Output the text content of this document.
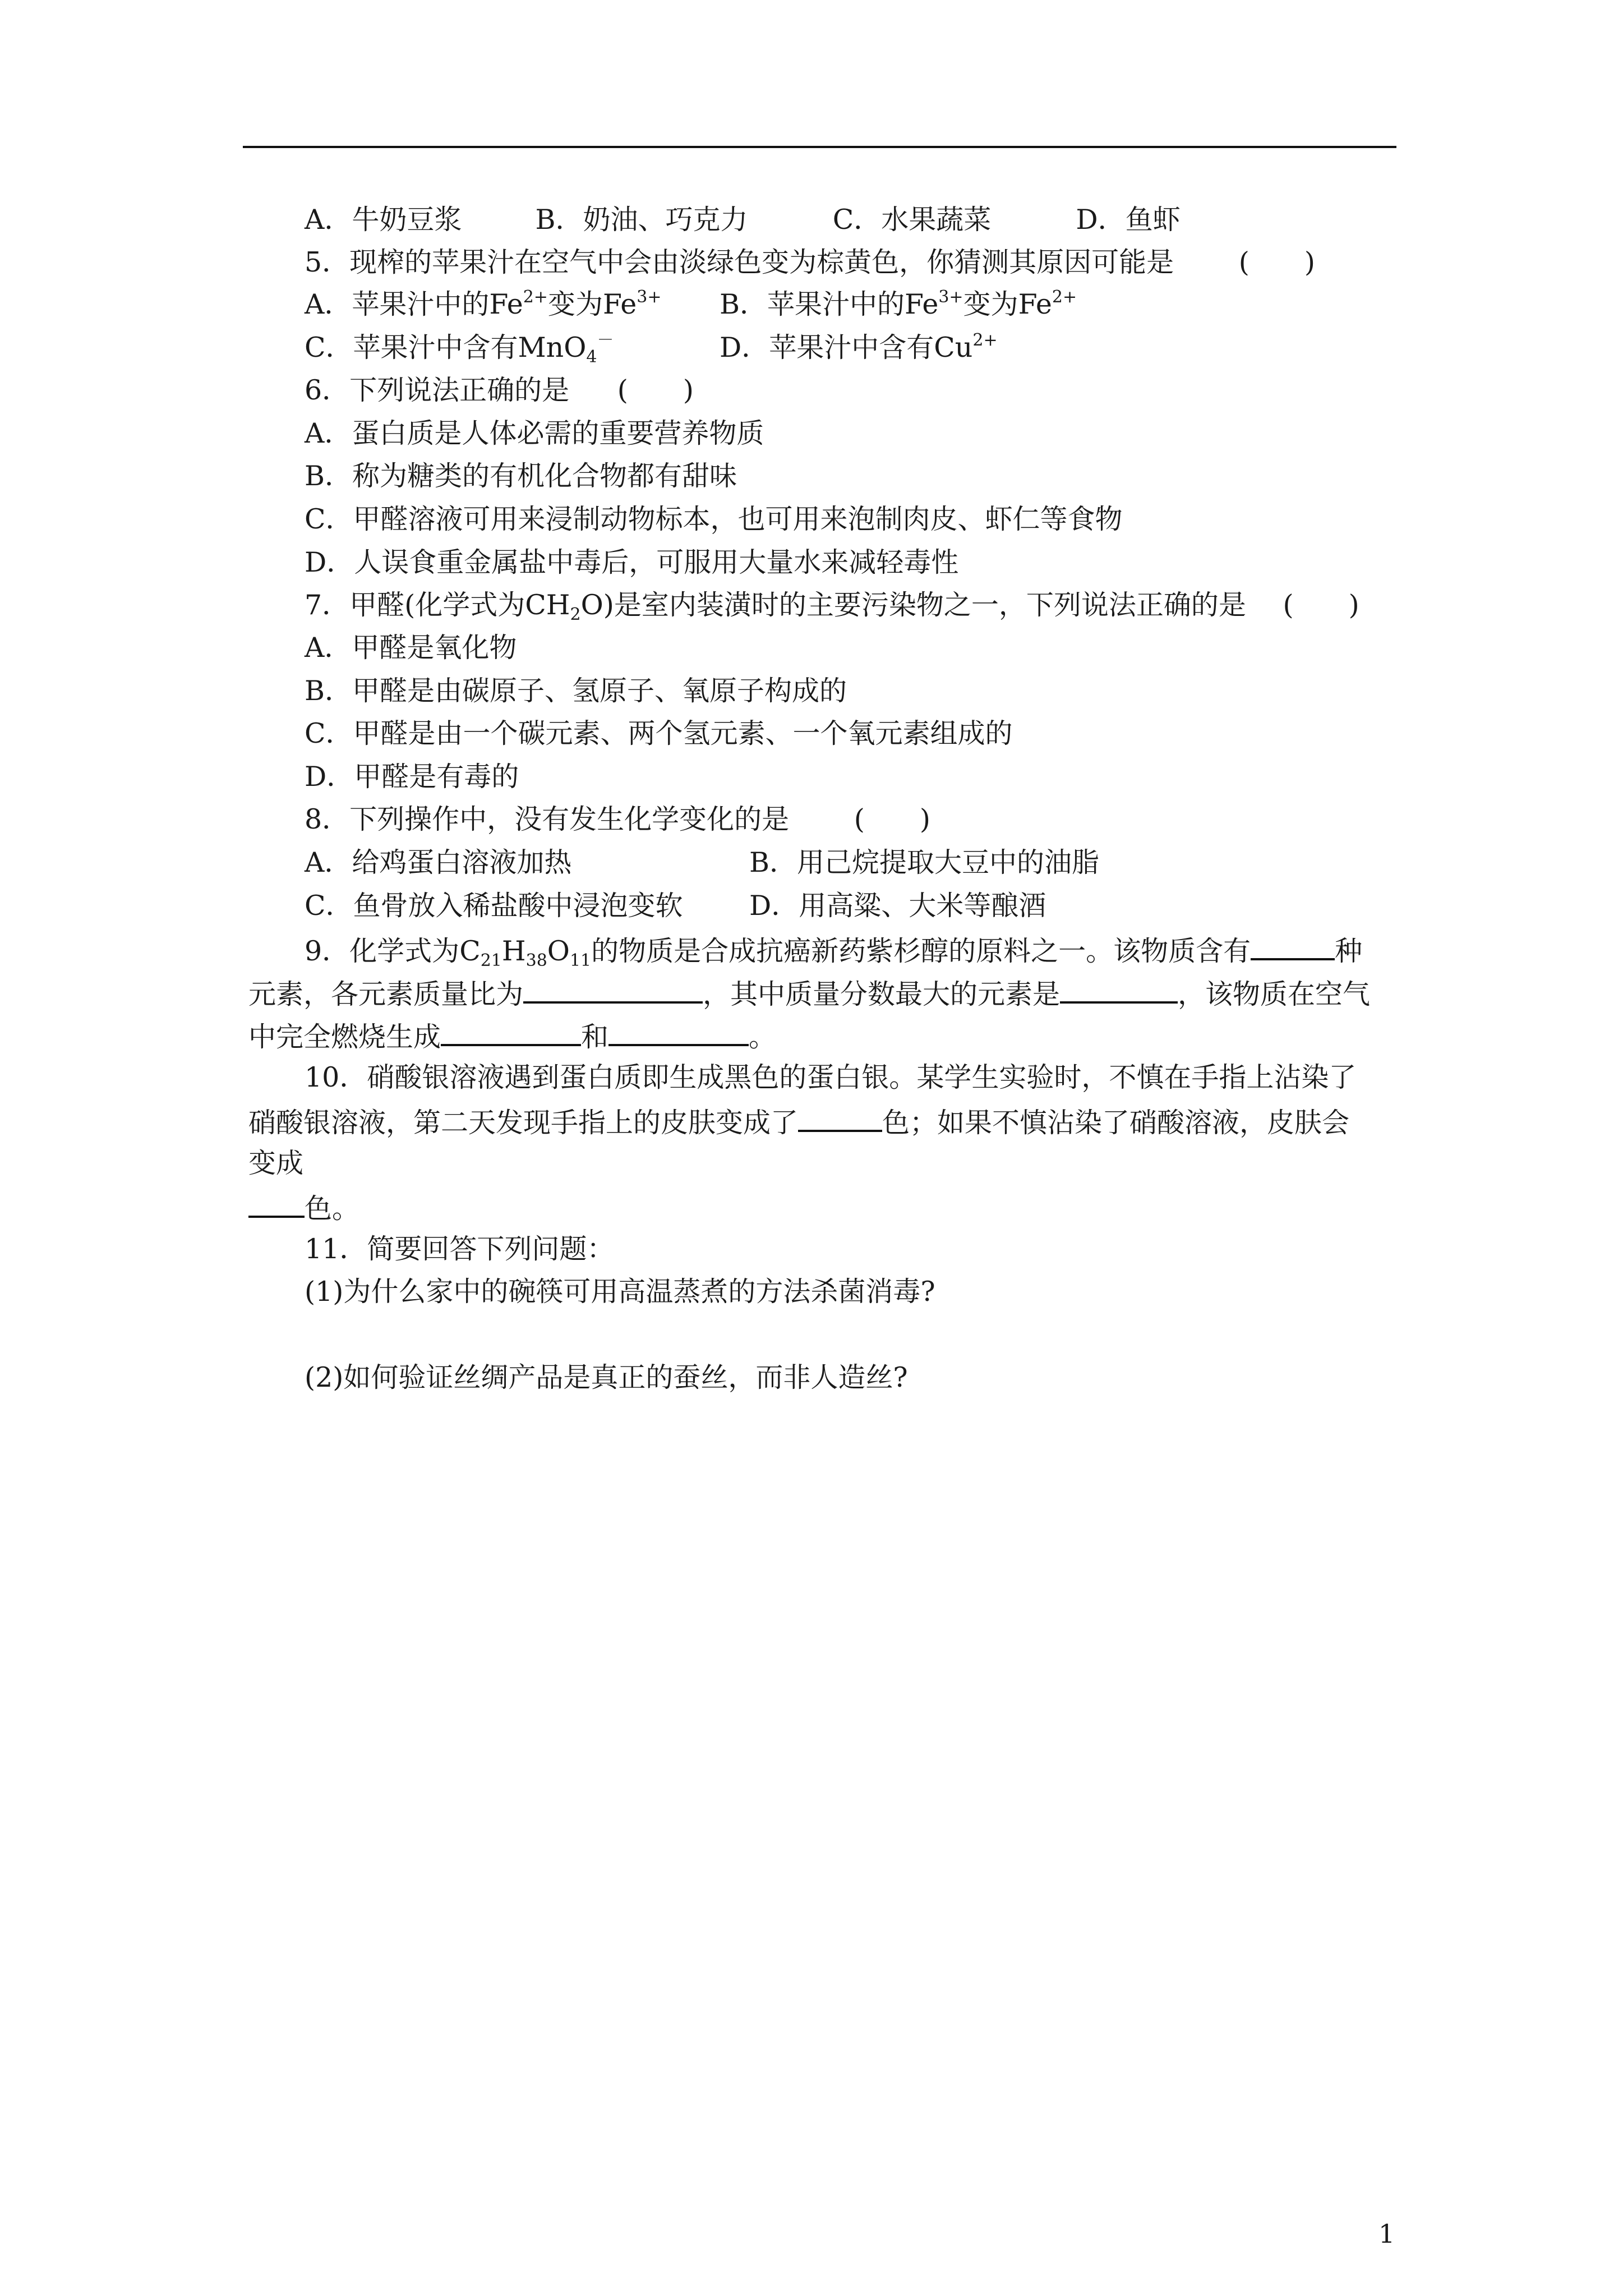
A．牛奶豆浆	B．奶油、巧克力	C．水果蔬菜	D．鱼虾
5．现榨的苹果汁在空气中会由淡绿色变为棕黄色，你猜测其原因可能是 (　　)
A．苹果汁中的$Fe^{2+}$变为$Fe^{3+}$ B．苹果汁中的$Fe^{3+}$变为$Fe^{2+}$
C．苹果汁中含有MnO$_4$－	D．苹果汁中含有$Cu^{2+}$
6．下列说法正确的是 (　　)
A．蛋白质是人体必需的重要营养物质
B．称为糖类的有机化合物都有甜味
C．甲醛溶液可用来浸制动物标本，也可用来泡制肉皮、虾仁等食物
D．人误食重金属盐中毒后，可服用大量水来减轻毒性
7．甲醛(化学式为$CH_2O$)是室内装潢时的主要污染物之一，下列说法正确的是 (　　)
A．甲醛是氧化物
B．甲醛是由碳原子、氢原子、氧原子构成的
C．甲醛是由一个碳元素、两个氢元素、一个氧元素组成的
D．甲醛是有毒的
8．下列操作中，没有发生化学变化的是 (　　)
A．给鸡蛋白溶液加热	B．用己烷提取大豆中的油脂
C．鱼骨放入稀盐酸中浸泡变软 D．用高粱、大米等酿酒
9．化学式为$C_{21}H_{38}O_{11}$的物质是合成抗癌新药紫杉醇的原料之一。该物质含有	种
元素，各元素质量比为	，其中质量分数最大的元素是	，该物质在空气
中完全燃烧生成	和	。
10．硝酸银溶液遇到蛋白质即生成黑色的蛋白银。某学生实验时，不慎在手指上沾染了
硝酸银溶液，第二天发现手指上的皮肤变成了	色；如果不慎沾染了硝酸溶液，皮肤会
变成
色。
11．简要回答下列问题：
(1)为什么家中的碗筷可用高温蒸煮的方法杀菌消毒?
(2)如何验证丝绸产品是真正的蚕丝，而非人造丝?
1
